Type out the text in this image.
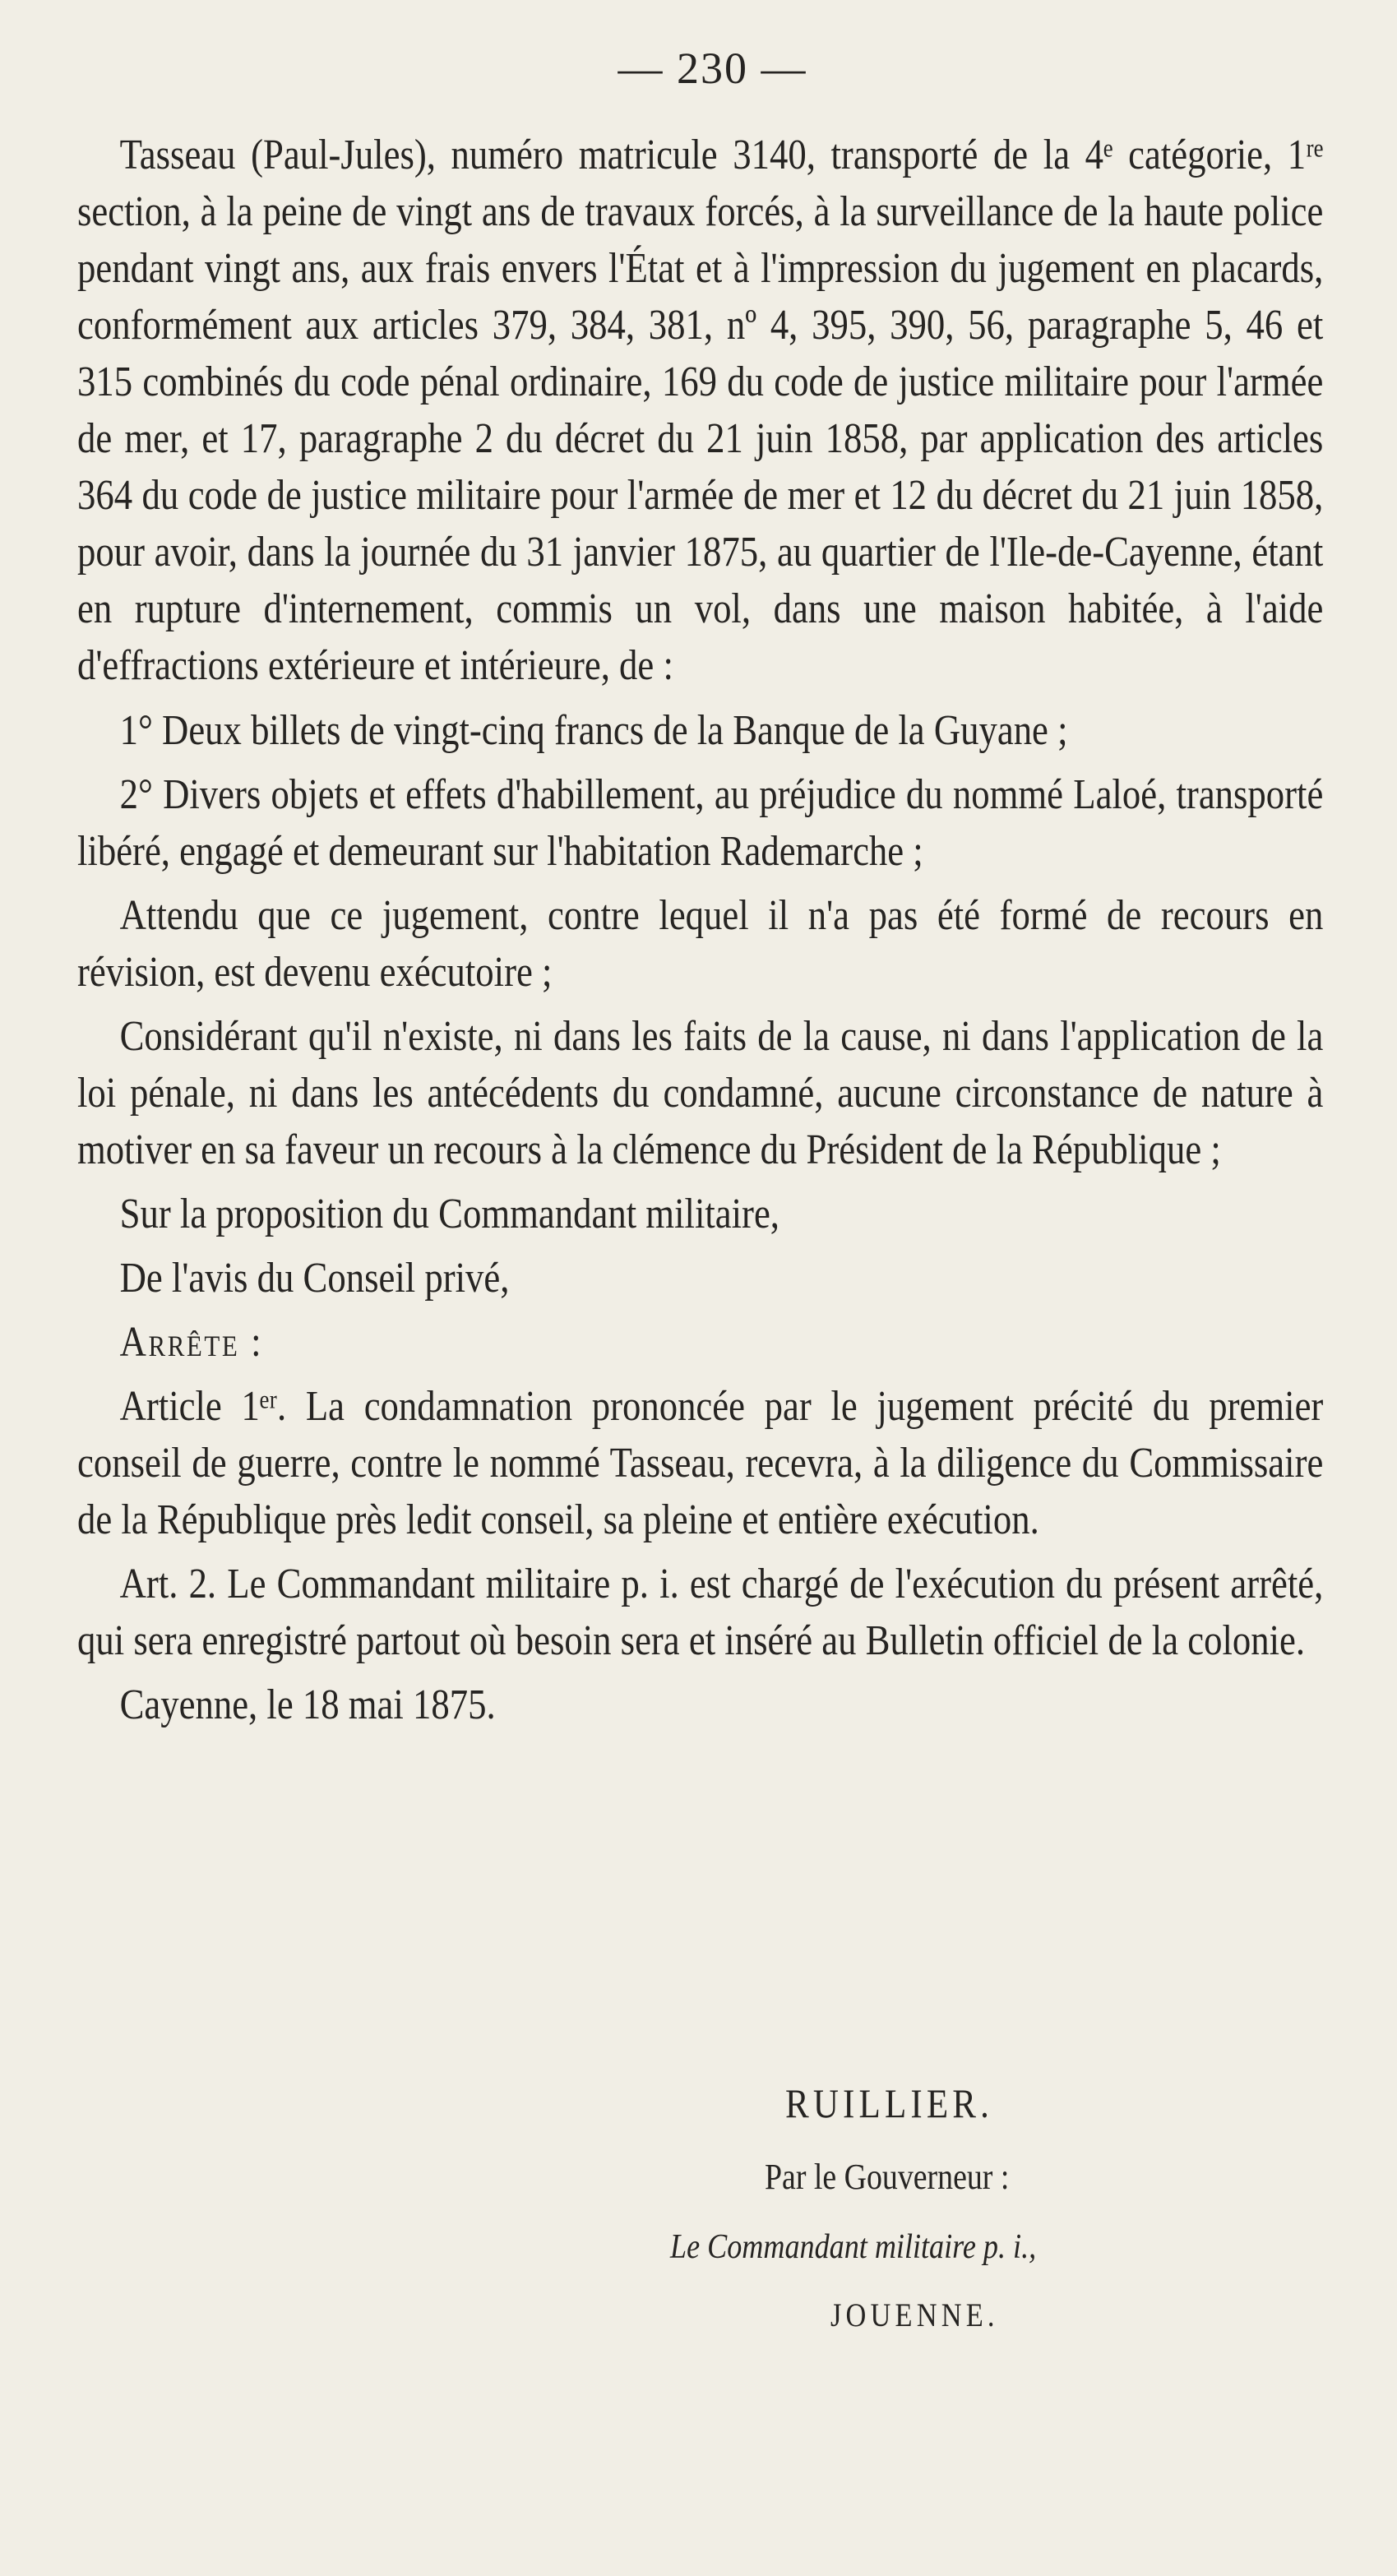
— 230 —

Tasseau (Paul-Jules), numéro matricule 3140, transporté de la 4ᵉ catégorie, 1ʳᵉ section, à la peine de vingt ans de travaux forcés, à la surveillance de la haute police pendant vingt ans, aux frais envers l'État et à l'impression du jugement en placards, conformément aux articles 379, 384, 381, nº 4, 395, 390, 56, paragraphe 5, 46 et 315 combinés du code pénal ordinaire, 169 du code de justice militaire pour l'armée de mer, et 17, paragraphe 2 du décret du 21 juin 1858, par application des articles 364 du code de justice militaire pour l'armée de mer et 12 du décret du 21 juin 1858, pour avoir, dans la journée du 31 janvier 1875, au quartier de l'Ile-de-Cayenne, étant en rupture d'internement, commis un vol, dans une maison habitée, à l'aide d'effractions extérieure et intérieure, de :

1° Deux billets de vingt-cinq francs de la Banque de la Guyane ;

2° Divers objets et effets d'habillement, au préjudice du nommé Laloé, transporté libéré, engagé et demeurant sur l'habitation Rademarche ;

Attendu que ce jugement, contre lequel il n'a pas été formé de recours en révision, est devenu exécutoire ;

Considérant qu'il n'existe, ni dans les faits de la cause, ni dans l'application de la loi pénale, ni dans les antécédents du condamné, aucune circonstance de nature à motiver en sa faveur un recours à la clémence du Président de la République ;

Sur la proposition du Commandant militaire,

De l'avis du Conseil privé,

Arrête :

Article 1ᵉʳ. La condamnation prononcée par le jugement précité du premier conseil de guerre, contre le nommé Tasseau, recevra, à la diligence du Commissaire de la République près ledit conseil, sa pleine et entière exécution.

Art. 2. Le Commandant militaire p. i. est chargé de l'exécution du présent arrêté, qui sera enregistré partout où besoin sera et inséré au Bulletin officiel de la colonie.

Cayenne, le 18 mai 1875.

RUILLIER.
Par le Gouverneur :
Le Commandant militaire p. i.,
JOUENNE.
